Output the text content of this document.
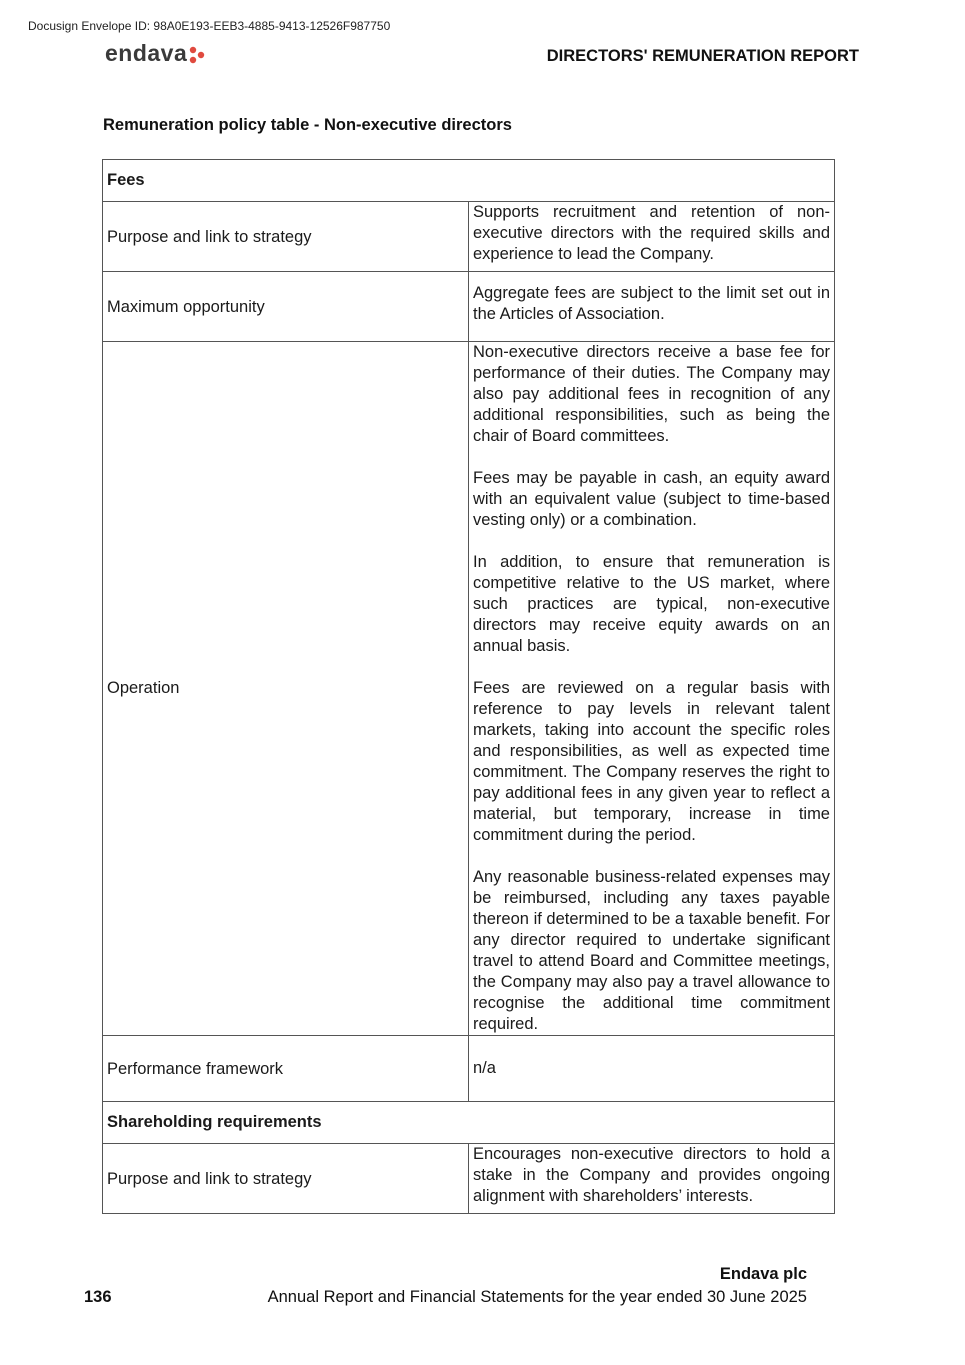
Docusign Envelope ID: 98A0E193-EEB3-4885-9413-12526F987750
endava	DIRECTORS' REMUNERATION REPORT
Remuneration policy table - Non-executive directors
Fees	
Purpose and link to strategy	Supports recruitment and retention of non-executive directors with the required skills and experience to lead the Company.
Maximum opportunity	Aggregate fees are subject to the limit set out in the Articles of Association.
Operation	Non-executive directors receive a base fee for performance of their duties. The Company may also pay additional fees in recognition of any additional responsibilities, such as being the chair of Board committees.

Fees may be payable in cash, an equity award with an equivalent value (subject to time-based vesting only) or a combination.

In addition, to ensure that remuneration is competitive relative to the US market, where such practices are typical, non-executive directors may receive equity awards on an annual basis.

Fees are reviewed on a regular basis with reference to pay levels in relevant talent markets, taking into account the specific roles and responsibilities, as well as expected time commitment. The Company reserves the right to pay additional fees in any given year to reflect a material, but temporary, increase in time commitment during the period.

Any reasonable business-related expenses may be reimbursed, including any taxes payable thereon if determined to be a taxable benefit. For any director required to undertake significant travel to attend Board and Committee meetings, the Company may also pay a travel allowance to recognise the additional time commitment required.

Performance framework	n/a
Shareholding requirements	
Purpose and link to strategy	Encourages non-executive directors to hold a stake in the Company and provides ongoing alignment with shareholders’ interests.
Endava plc
136	Annual Report and Financial Statements for the year ended 30 June 2025
